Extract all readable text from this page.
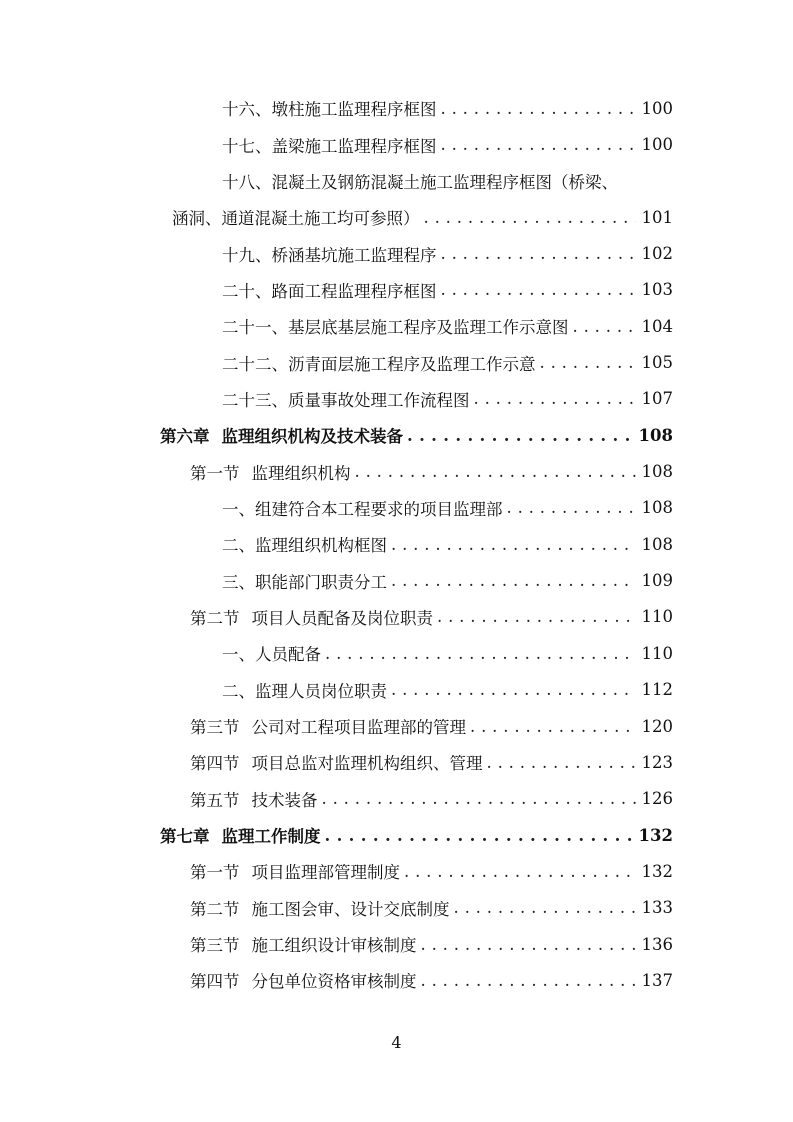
十六、墩柱施工监理程序框图 . . .	100
十七、盖梁施工监理程序框图 . . .	100
十八、混凝土及钢筋混凝土施工监理程序框图（桥梁、
涵洞、通道混凝土施工均可参照） . . .	101
十九、桥涵基坑施工监理程序 . . .	102
二十、路面工程监理程序框图 . . .	103
二十一、基层底基层施工程序及监理工作示意图 . . .	104
二十二、沥青面层施工程序及监理工作示意 . . .	105
二十三、质量事故处理工作流程图 . . .	107
第六章 监理组织机构及技术装备 . . .	108
第一节 监理组织机构 . . .	108
一、组建符合本工程要求的项目监理部 . . .	108
二、监理组织机构框图 . . .	108
三、职能部门职责分工 . . .	109
第二节 项目人员配备及岗位职责 . . .	110
一、人员配备 . . .	110
二、监理人员岗位职责 . . .	112
第三节 公司对工程项目监理部的管理 . . .	120
第四节 项目总监对监理机构组织、管理 . . .	123
第五节 技术装备 . . .	126
第七章 监理工作制度 . . .	132
第一节 项目监理部管理制度 . . .	132
第二节 施工图会审、设计交底制度 . . .	133
第三节 施工组织设计审核制度 . . .	136
第四节 分包单位资格审核制度 . . .	137
4
